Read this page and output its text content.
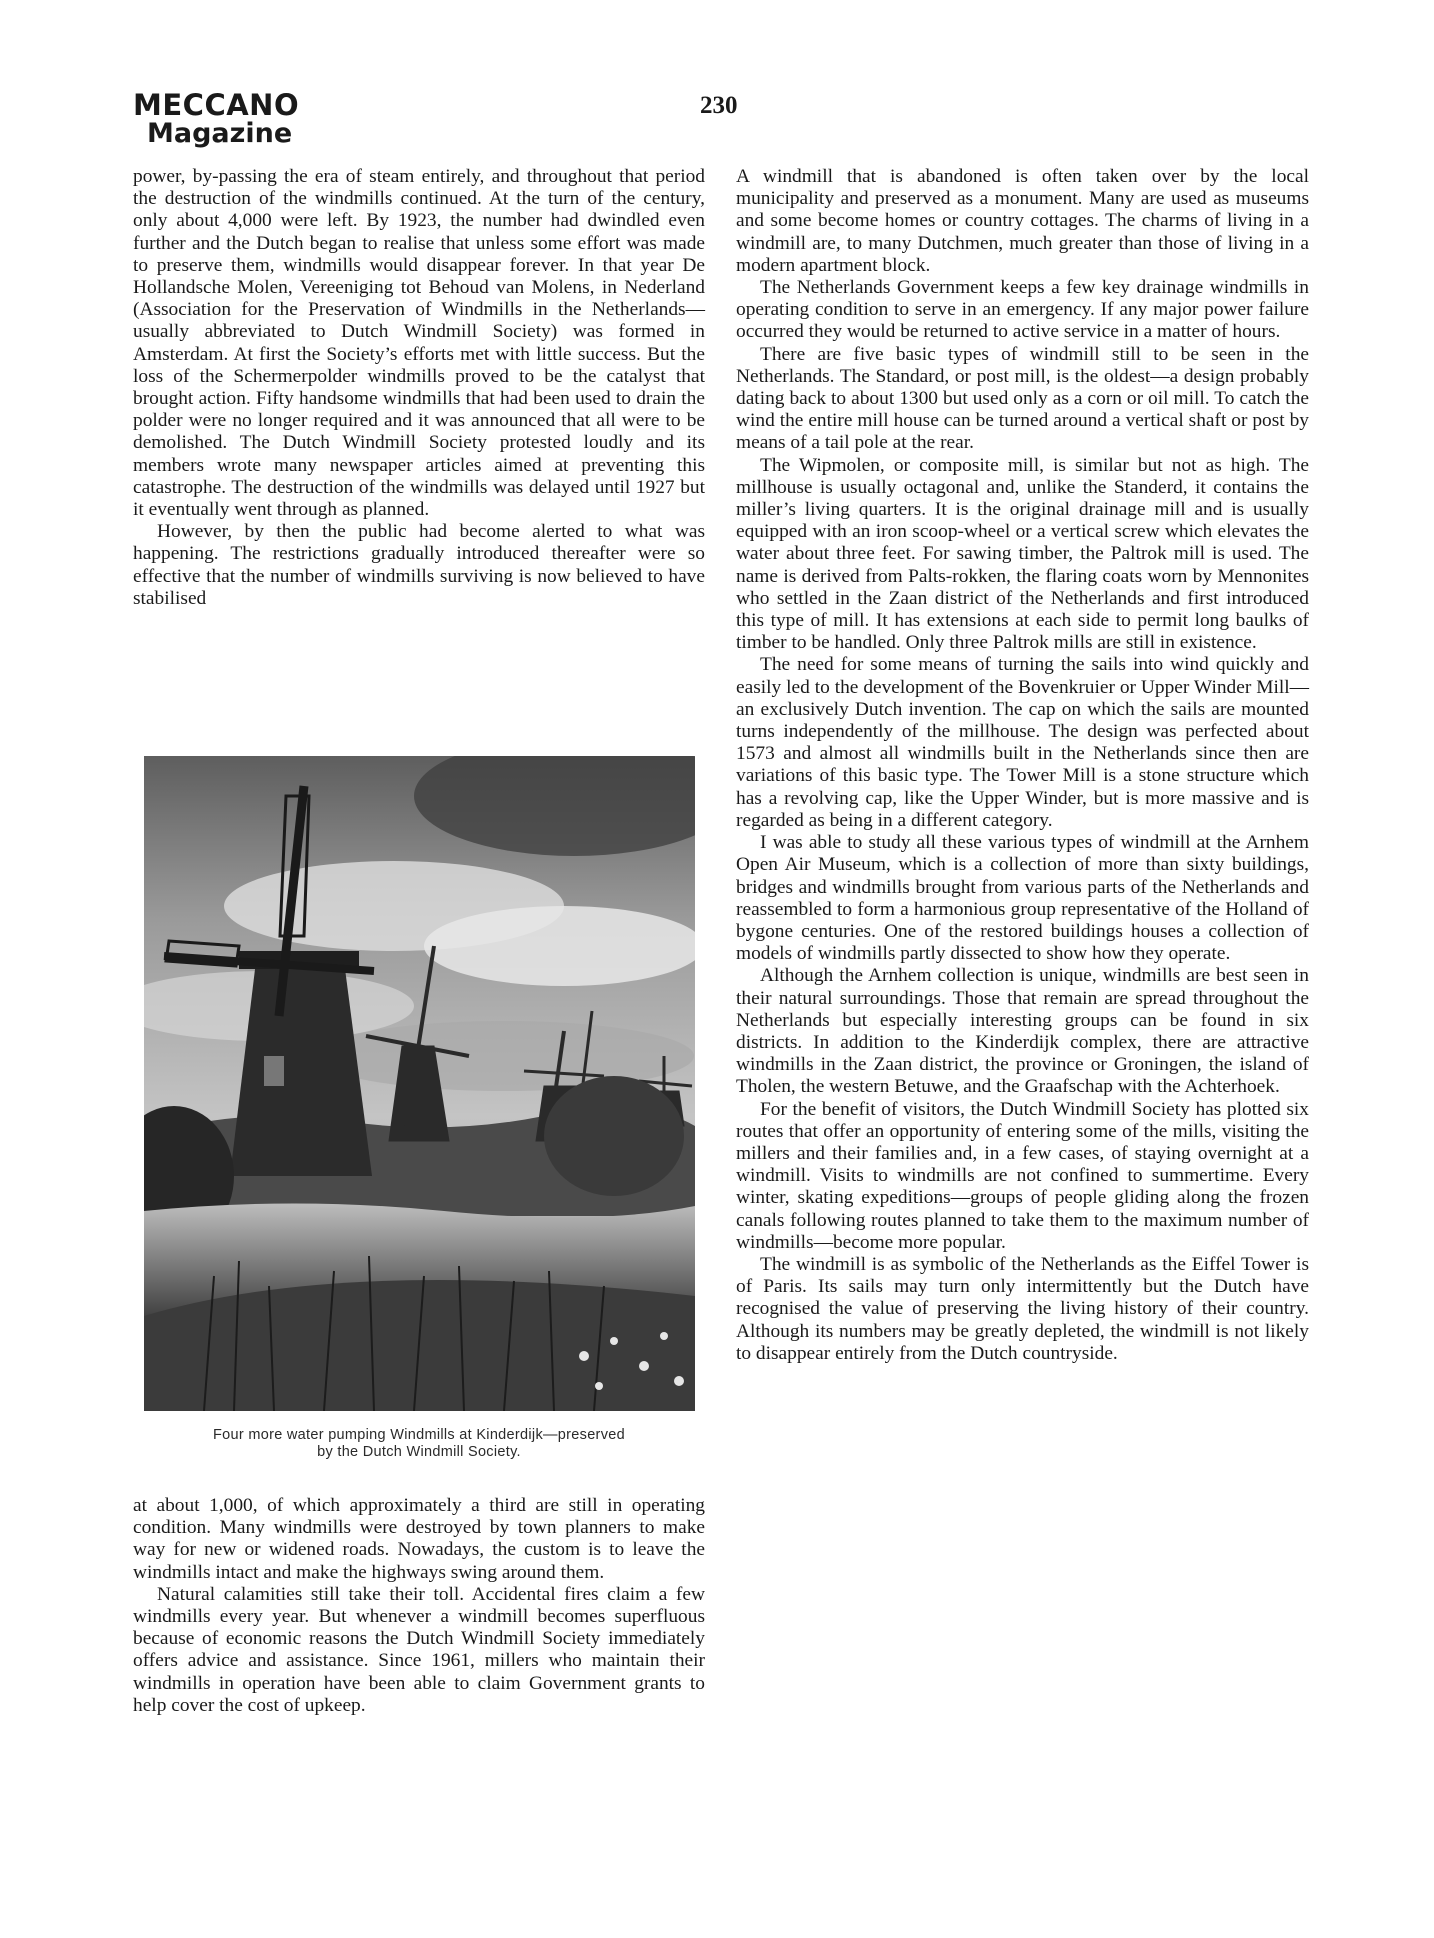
MECCANO
Magazine
230

power, by-passing the era of steam entirely, and throughout that period the destruction of the windmills continued. At the turn of the century, only about 4,000 were left. By 1923, the number had dwindled even further and the Dutch began to realise that unless some effort was made to preserve them, windmills would disappear forever. In that year De Hollandsche Molen, Vereeniging tot Behoud van Molens, in Nederland (Association for the Preservation of Windmills in the Netherlands—usually abbreviated to Dutch Windmill Society) was formed in Amsterdam. At first the Society’s efforts met with little success. But the loss of the Schermerpolder windmills proved to be the catalyst that brought action. Fifty handsome windmills that had been used to drain the polder were no longer required and it was announced that all were to be demolished. The Dutch Windmill Society protested loudly and its members wrote many newspaper articles aimed at preventing this catastrophe. The destruction of the windmills was delayed until 1927 but it eventually went through as planned.

However, by then the public had become alerted to what was happening. The restrictions gradually introduced thereafter were so effective that the number of windmills surviving is now believed to have stabilised

Four more water pumping Windmills at Kinderdijk—preserved
by the Dutch Windmill Society.

at about 1,000, of which approximately a third are still in operating condition. Many windmills were destroyed by town planners to make way for new or widened roads. Nowadays, the custom is to leave the windmills intact and make the highways swing around them.

Natural calamities still take their toll. Accidental fires claim a few windmills every year. But whenever a windmill becomes superfluous because of economic reasons the Dutch Windmill Society immediately offers advice and assistance. Since 1961, millers who maintain their windmills in operation have been able to claim Government grants to help cover the cost of upkeep.

A windmill that is abandoned is often taken over by the local municipality and preserved as a monument. Many are used as museums and some become homes or country cottages. The charms of living in a windmill are, to many Dutchmen, much greater than those of living in a modern apartment block.

The Netherlands Government keeps a few key drainage windmills in operating condition to serve in an emergency. If any major power failure occurred they would be returned to active service in a matter of hours.

There are five basic types of windmill still to be seen in the Netherlands. The Standard, or post mill, is the oldest—a design probably dating back to about 1300 but used only as a corn or oil mill. To catch the wind the entire mill house can be turned around a vertical shaft or post by means of a tail pole at the rear.

The Wipmolen, or composite mill, is similar but not as high. The millhouse is usually octagonal and, unlike the Standerd, it contains the miller’s living quarters. It is the original drainage mill and is usually equipped with an iron scoop-wheel or a vertical screw which elevates the water about three feet. For sawing timber, the Paltrok mill is used. The name is derived from Palts-rokken, the flaring coats worn by Mennonites who settled in the Zaan district of the Netherlands and first introduced this type of mill. It has extensions at each side to permit long baulks of timber to be handled. Only three Paltrok mills are still in existence.

The need for some means of turning the sails into wind quickly and easily led to the development of the Bovenkruier or Upper Winder Mill—an exclusively Dutch invention. The cap on which the sails are mounted turns independently of the millhouse. The design was perfected about 1573 and almost all windmills built in the Netherlands since then are variations of this basic type. The Tower Mill is a stone structure which has a revolving cap, like the Upper Winder, but is more massive and is regarded as being in a different category.

I was able to study all these various types of windmill at the Arnhem Open Air Museum, which is a collection of more than sixty buildings, bridges and windmills brought from various parts of the Netherlands and reassembled to form a harmonious group representative of the Holland of bygone centuries. One of the restored buildings houses a collection of models of windmills partly dissected to show how they operate.

Although the Arnhem collection is unique, windmills are best seen in their natural surroundings. Those that remain are spread throughout the Netherlands but especially interesting groups can be found in six districts. In addition to the Kinderdijk complex, there are attractive windmills in the Zaan district, the province or Groningen, the island of Tholen, the western Betuwe, and the Graafschap with the Achterhoek.

For the benefit of visitors, the Dutch Windmill Society has plotted six routes that offer an opportunity of entering some of the mills, visiting the millers and their families and, in a few cases, of staying overnight at a windmill. Visits to windmills are not confined to summertime. Every winter, skating expeditions—groups of people gliding along the frozen canals following routes planned to take them to the maximum number of windmills—become more popular.

The windmill is as symbolic of the Netherlands as the Eiffel Tower is of Paris. Its sails may turn only intermittently but the Dutch have recognised the value of preserving the living history of their country. Although its numbers may be greatly depleted, the windmill is not likely to disappear entirely from the Dutch countryside.
